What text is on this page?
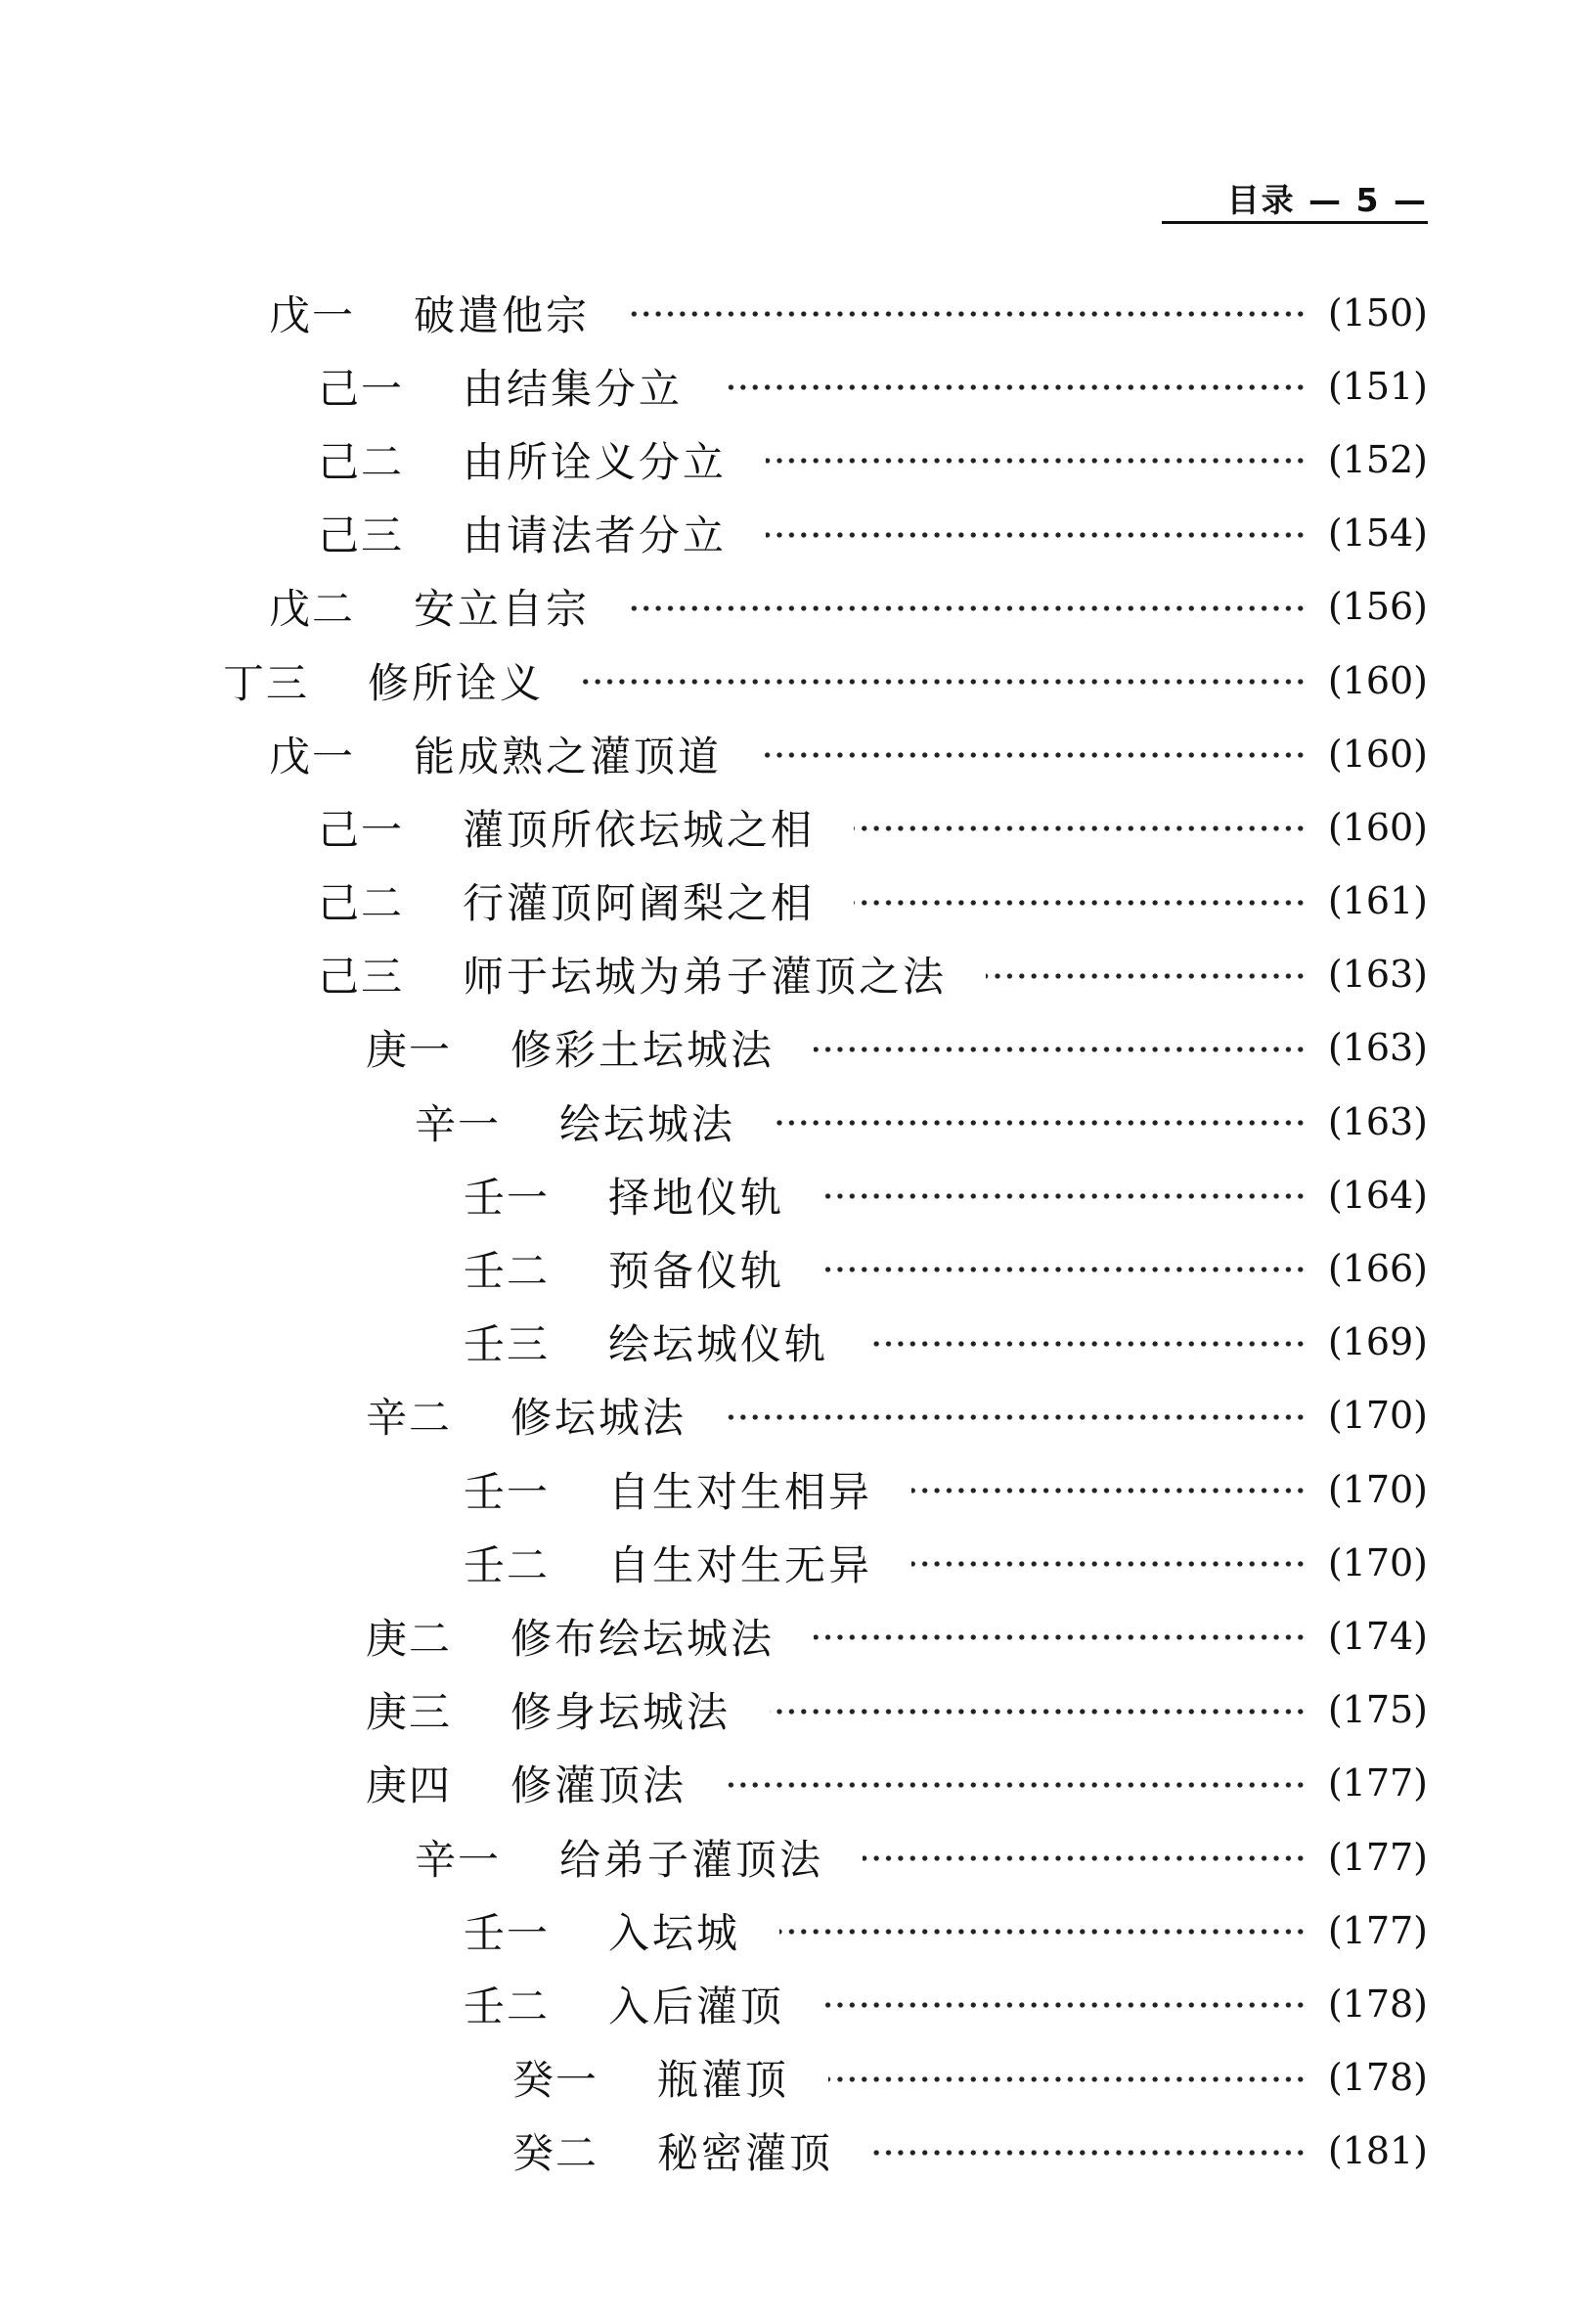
目录 — 5 —
戊一 破遣他宗	(150)
己一 由结集分立	(151)
己二 由所诠义分立	(152)
己三 由请法者分立	(154)
戊二 安立自宗	(156)
丁三 修所诠义	(160)
戊一 能成熟之灌顶道	(160)
己一 灌顶所依坛城之相	(160)
己二 行灌顶阿阇梨之相	(161)
己三 师于坛城为弟子灌顶之法	(163)
庚一 修彩土坛城法	(163)
辛一 绘坛城法	(163)
壬一 择地仪轨	(164)
壬二 预备仪轨	(166)
壬三 绘坛城仪轨	(169)
辛二 修坛城法	(170)
壬一 自生对生相异	(170)
壬二 自生对生无异	(170)
庚二 修布绘坛城法	(174)
庚三 修身坛城法	(175)
庚四 修灌顶法	(177)
辛一 给弟子灌顶法	(177)
壬一 入坛城	(177)
壬二 入后灌顶	(178)
癸一 瓶灌顶	(178)
癸二 秘密灌顶	(181)
